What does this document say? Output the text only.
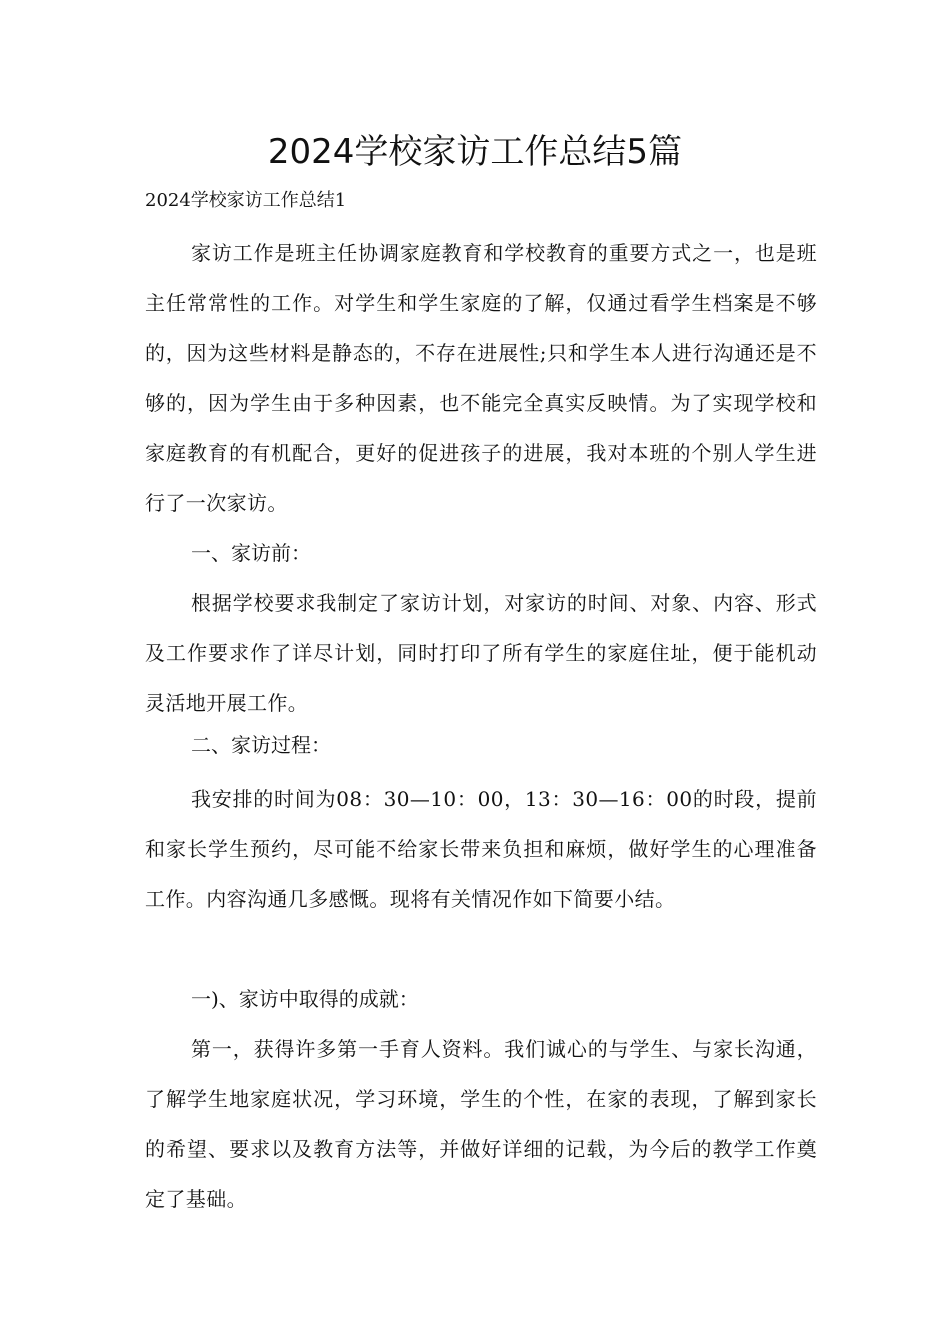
2024学校家访工作总结5篇

2024学校家访工作总结1

家访工作是班主任协调家庭教育和学校教育的重要方式之一，也是班主任常常性的工作。对学生和学生家庭的了解，仅通过看学生档案是不够的，因为这些材料是静态的，不存在进展性;只和学生本人进行沟通还是不够的，因为学生由于多种因素，也不能完全真实反映情。为了实现学校和家庭教育的有机配合，更好的促进孩子的进展，我对本班的个别人学生进行了一次家访。

一、家访前：

根据学校要求我制定了家访计划，对家访的时间、对象、内容、形式及工作要求作了详尽计划，同时打印了所有学生的家庭住址，便于能机动灵活地开展工作。

二、家访过程：

我安排的时间为08：30—10：00，13：30—16：00的时段，提前和家长学生预约，尽可能不给家长带来负担和麻烦，做好学生的心理准备工作。内容沟通几多感慨。现将有关情况作如下简要小结。

一)、家访中取得的成就：

第一，获得许多第一手育人资料。我们诚心的与学生、与家长沟通，了解学生地家庭状况，学习环境，学生的个性，在家的表现，了解到家长的希望、要求以及教育方法等，并做好详细的记载，为今后的教学工作奠定了基础。
